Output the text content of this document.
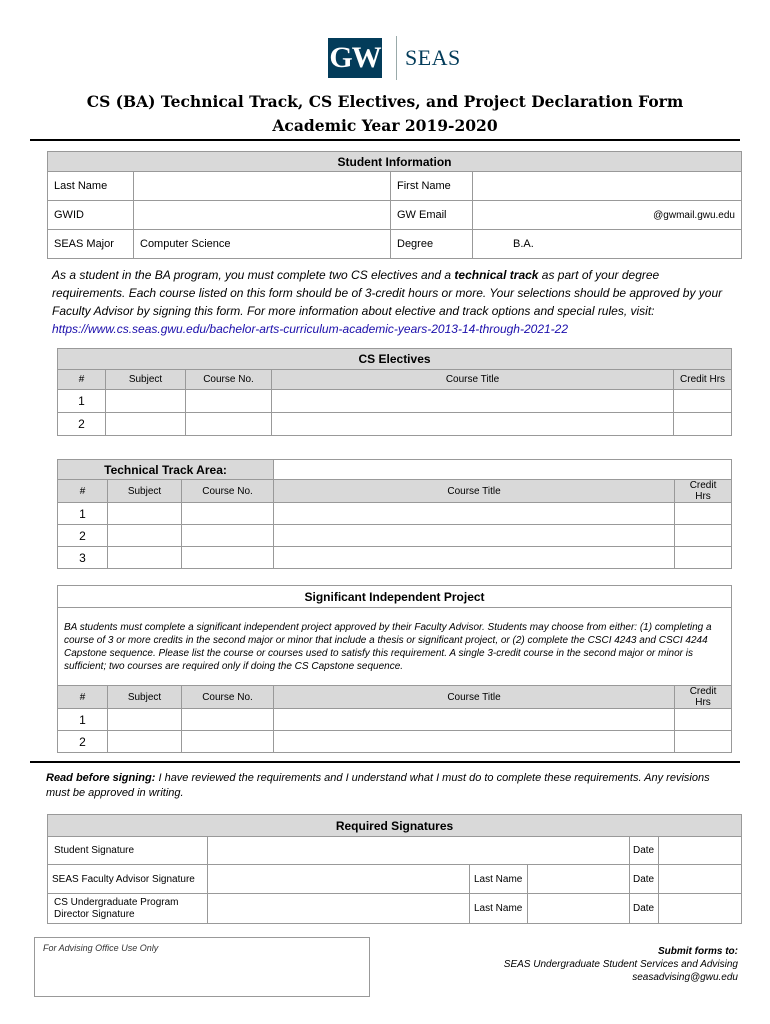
GW SEAS
CS (BA) Technical Track, CS Electives, and Project Declaration Form
Academic Year 2019-2020
Student Information			
Last Name		First Name	
GWID		GW Email	@gwmail.gwu.edu
SEAS Major	Computer Science	Degree	B.A.
As a student in the BA program, you must complete two CS electives and a technical track as part of your degree requirements. Each course listed on this form should be of 3-credit hours or more. Your selections should be approved by your Faculty Advisor by signing this form. For more information about elective and track options and special rules, visit: https://www.cs.seas.gwu.edu/bachelor-arts-curriculum-academic-years-2013-14-through-2021-22
CS Electives				
#	Subject	Course No.	Course Title	Credit Hrs
1				
2				
Technical Track Area:				
#	Subject	Course No.	Course Title	Credit Hrs
1				
2				
3				
Significant Independent Project				
BA students must complete a significant independent project approved by their Faculty Advisor. Students may choose from either: (1) completing a course of 3 or more credits in the second major or minor that include a thesis or significant project, or (2) complete the CSCI 4243 and CSCI 4244 Capstone sequence. Please list the course or courses used to satisfy this requirement. A single 3-credit course in the second major or minor is sufficient; two courses are required only if doing the CS Capstone sequence.				
#	Subject	Course No.	Course Title	Credit Hrs
1				
2				
Read before signing: I have reviewed the requirements and I understand what I must do to complete these requirements. Any revisions must be approved in writing.
Required Signatures					
Student Signature				Date	
SEAS Faculty Advisor Signature		Last Name		Date	
CS Undergraduate Program Director Signature		Last Name		Date	
For Advising Office Use Only	Submit forms to:
SEAS Undergraduate Student Services and Advising
seasadvising@gwu.edu
